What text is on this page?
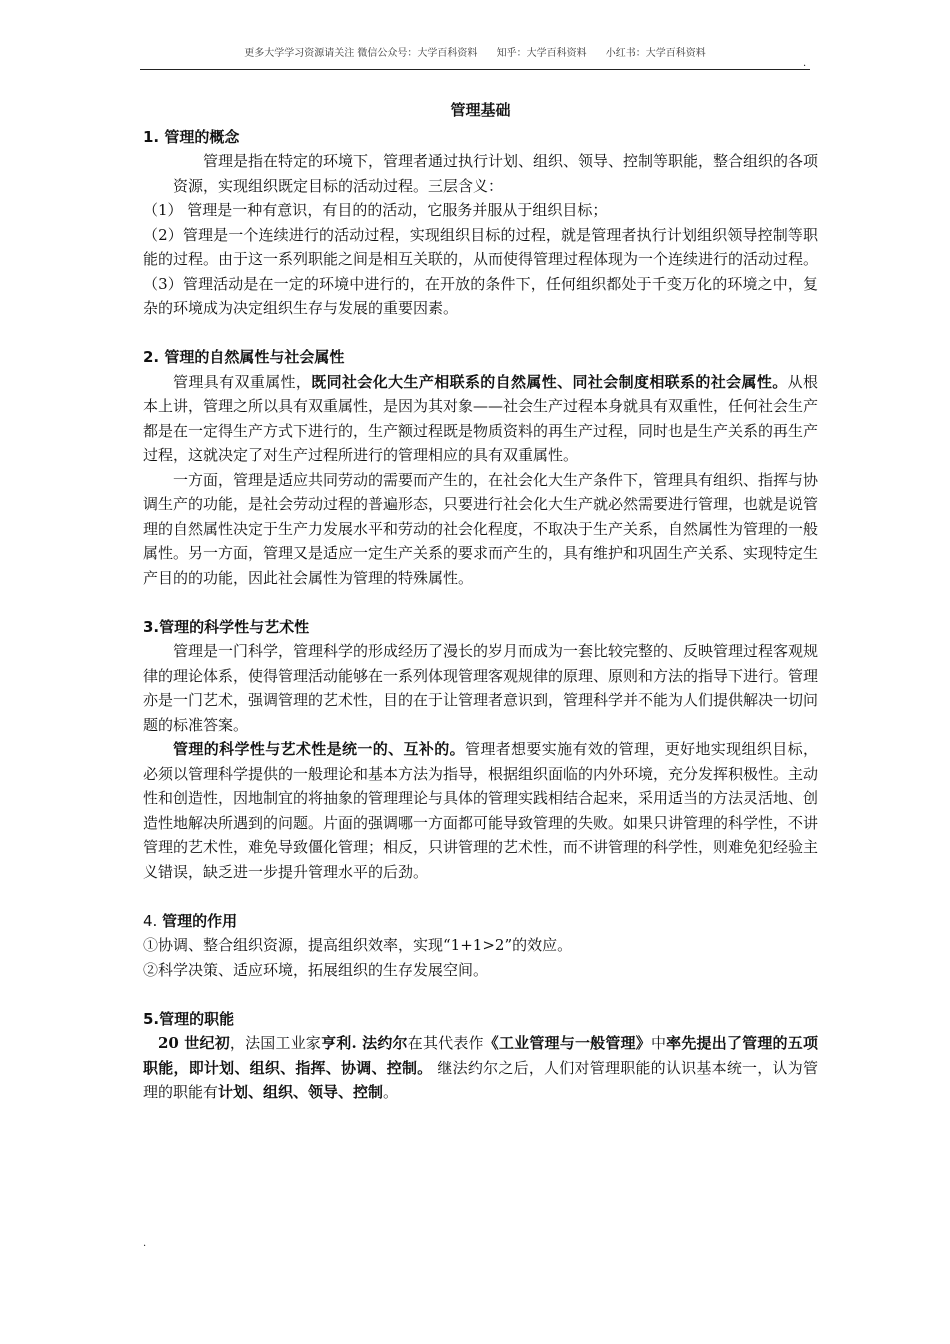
更多大学学习资源请关注 微信公众号：大学百科资料 知乎：大学百科资料 小红书：大学百科资料
.
管理基础
1. 管理的概念

管理是指在特定的环境下，管理者通过执行计划、组织、领导、控制等职能，整合组织的各项资源，实现组织既定目标的活动过程。三层含义：

（1） 管理是一种有意识，有目的的活动，它服务并服从于组织目标；

（2）管理是一个连续进行的活动过程，实现组织目标的过程，就是管理者执行计划组织领导控制等职能的过程。由于这一系列职能之间是相互关联的，从而使得管理过程体现为一个连续进行的活动过程。

（3）管理活动是在一定的环境中进行的，在开放的条件下，任何组织都处于千变万化的环境之中，复杂的环境成为决定组织生存与发展的重要因素。

2. 管理的自然属性与社会属性

管理具有双重属性，既同社会化大生产相联系的自然属性、同社会制度相联系的社会属性。从根本上讲，管理之所以具有双重属性，是因为其对象——社会生产过程本身就具有双重性，任何社会生产都是在一定得生产方式下进行的，生产额过程既是物质资料的再生产过程，同时也是生产关系的再生产过程，这就决定了对生产过程所进行的管理相应的具有双重属性。

一方面，管理是适应共同劳动的需要而产生的，在社会化大生产条件下，管理具有组织、指挥与协调生产的功能，是社会劳动过程的普遍形态，只要进行社会化大生产就必然需要进行管理，也就是说管理的自然属性决定于生产力发展水平和劳动的社会化程度，不取决于生产关系，自然属性为管理的一般属性。另一方面，管理又是适应一定生产关系的要求而产生的，具有维护和巩固生产关系、实现特定生产目的的功能，因此社会属性为管理的特殊属性。

3.管理的科学性与艺术性

管理是一门科学，管理科学的形成经历了漫长的岁月而成为一套比较完整的、反映管理过程客观规律的理论体系，使得管理活动能够在一系列体现管理客观规律的原理、原则和方法的指导下进行。管理亦是一门艺术，强调管理的艺术性，目的在于让管理者意识到，管理科学并不能为人们提供解决一切问题的标准答案。

管理的科学性与艺术性是统一的、互补的。管理者想要实施有效的管理，更好地实现组织目标，必须以管理科学提供的一般理论和基本方法为指导，根据组织面临的内外环境，充分发挥积极性。主动性和创造性，因地制宜的将抽象的管理理论与具体的管理实践相结合起来，采用适当的方法灵活地、创造性地解决所遇到的问题。片面的强调哪一方面都可能导致管理的失败。如果只讲管理的科学性，不讲管理的艺术性，难免导致僵化管理；相反，只讲管理的艺术性，而不讲管理的科学性，则难免犯经验主义错误，缺乏进一步提升管理水平的后劲。

4. 管理的作用

①协调、整合组织资源，提高组织效率，实现“1+1>2”的效应。

②科学决策、适应环境，拓展组织的生存发展空间。

5.管理的职能

20 世纪初，法国工业家亨利. 法约尔在其代表作《工业管理与一般管理》中率先提出了管理的五项职能，即计划、组织、指挥、协调、控制。 继法约尔之后，人们对管理职能的认识基本统一，认为管理的职能有计划、组织、领导、控制。

.
